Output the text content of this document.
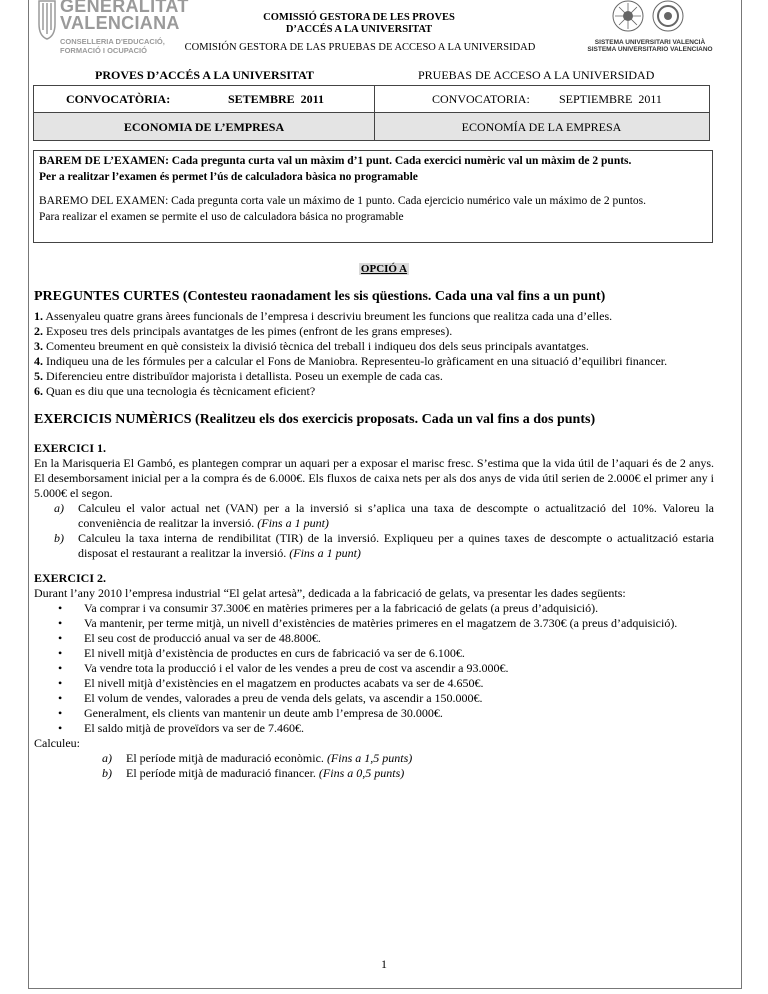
GENERALITAT
VALENCIANA
CONSELLERIA D'EDUCACIÓ,
FORMACIÓ I OCUPACIÓ
COMISSIÓ GESTORA DE LES PROVES D’ACCÉS A LA UNIVERSITAT
COMISIÓN GESTORA DE LAS PRUEBAS DE ACCESO A LA UNIVERSIDAD	SISTEMA UNIVERSITARI VALENCIÀ
SISTEMA UNIVERSITARIO VALENCIANO
PROVES D’ACCÉS A LA UNIVERSITAT	PRUEBAS DE ACCESO A LA UNIVERSIDAD
CONVOCATÒRIA:	SETEMBRE  2011	CONVOCATORIA: SEPTIEMBRE  2011
ECONOMIA DE L’EMPRESA	ECONOMÍA DE LA EMPRESA
BAREM DE L’EXAMEN: Cada pregunta curta val un màxim d’1 punt. Cada exercici numèric val un màxim de 2 punts.
Per a realitzar l’examen és permet l’ús de calculadora bàsica no programable
BAREMO DEL EXAMEN: Cada pregunta corta vale un máximo de 1 punto. Cada ejercicio numérico vale un máximo de 2 puntos.
Para realizar el examen se permite el uso de calculadora básica no programable
OPCIÓ A

PREGUNTES CURTES (Contesteu raonadament les sis qüestions. Cada una val fins a un punt)

1. Assenyaleu quatre grans àrees funcionals de l’empresa i descriviu breument les funcions que realitza cada una d’elles.
2. Exposeu tres dels principals avantatges de les pimes (enfront de les grans empreses).
3. Comenteu breument en què consisteix la divisió tècnica del treball i indiqueu dos dels seus principals avantatges.
4. Indiqueu una de les fórmules per a calcular el Fons de Maniobra. Representeu-lo gràficament en una situació d’equilibri financer.
5. Diferencieu entre distribuïdor majorista i detallista. Poseu un exemple de cada cas.
6. Quan es diu que una tecnologia és tècnicament eficient?

EXERCICIS NUMÈRICS (Realitzeu els dos exercicis proposats. Cada un val fins a dos punts)

EXERCICI 1.

En la Marisqueria El Gambó, es plantegen comprar un aquari per a exposar el marisc fresc. S’estima que la vida útil de l’aquari és de 2 anys. El desemborsament inicial per a la compra és de 6.000€. Els fluxos de caixa nets per als dos anys de vida útil serien de 2.000€ el primer any i 5.000€ el segon.
a) Calculeu el valor actual net (VAN) per a la inversió si s’aplica una taxa de descompte o actualització del 10%. Valoreu la conveniència de realitzar la inversió. (Fins a 1 punt)
b) Calculeu la taxa interna de rendibilitat (TIR) de la inversió. Expliqueu per a quines taxes de descompte o actualització estaria disposat el restaurant a realitzar la inversió. (Fins a 1 punt)

EXERCICI 2.

Durant l’any 2010 l’empresa industrial “El gelat artesà”, dedicada a la fabricació de gelats, va presentar les dades següents:
• Va comprar i va consumir 37.300€ en matèries primeres per a la fabricació de gelats (a preus d’adquisició).
• Va mantenir, per terme mitjà, un nivell d’existències de matèries primeres en el magatzem de 3.730€ (a preus d’adquisició).
• El seu cost de producció anual va ser de 48.800€.
• El nivell mitjà d’existència de productes en curs de fabricació va ser de 6.100€.
• Va vendre tota la producció i el valor de les vendes a preu de cost va ascendir a 93.000€.
• El nivell mitjà d’existències en el magatzem en productes acabats va ser de 4.650€.
• El volum de vendes, valorades a preu de venda dels gelats, va ascendir a 150.000€.
• Generalment, els clients van mantenir un deute amb l’empresa de 30.000€.
• El saldo mitjà de proveïdors va ser de 7.460€.
Calculeu:
a) El període mitjà de maduració econòmic. (Fins a 1,5 punts)
b) El període mitjà de maduració financer. (Fins a 0,5 punts)
1
